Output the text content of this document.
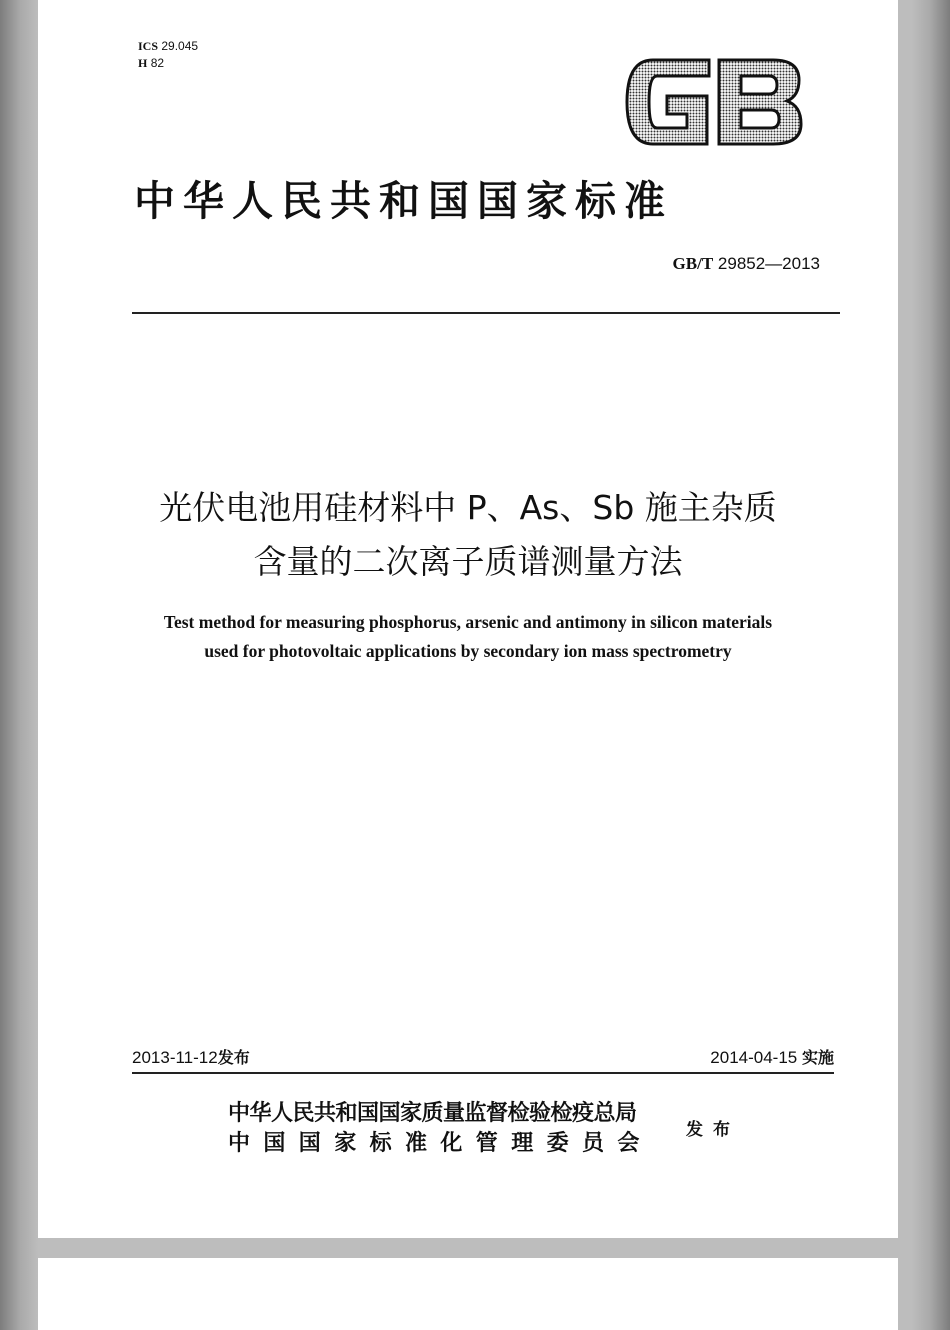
ICS 29.045
H 82
GB
中华人民共和国国家标准
GB/T 29852—2013
光伏电池用硅材料中 P、As、Sb 施主杂质
含量的二次离子质谱测量方法
Test method for measuring phosphorus, arsenic and antimony in silicon materials
used for photovoltaic applications by secondary ion mass spectrometry
2013-11-12发布	2014-04-15 实施
中华人民共和国国家质量监督检验检疫总局
中国国家标准化管理委员会 发布
